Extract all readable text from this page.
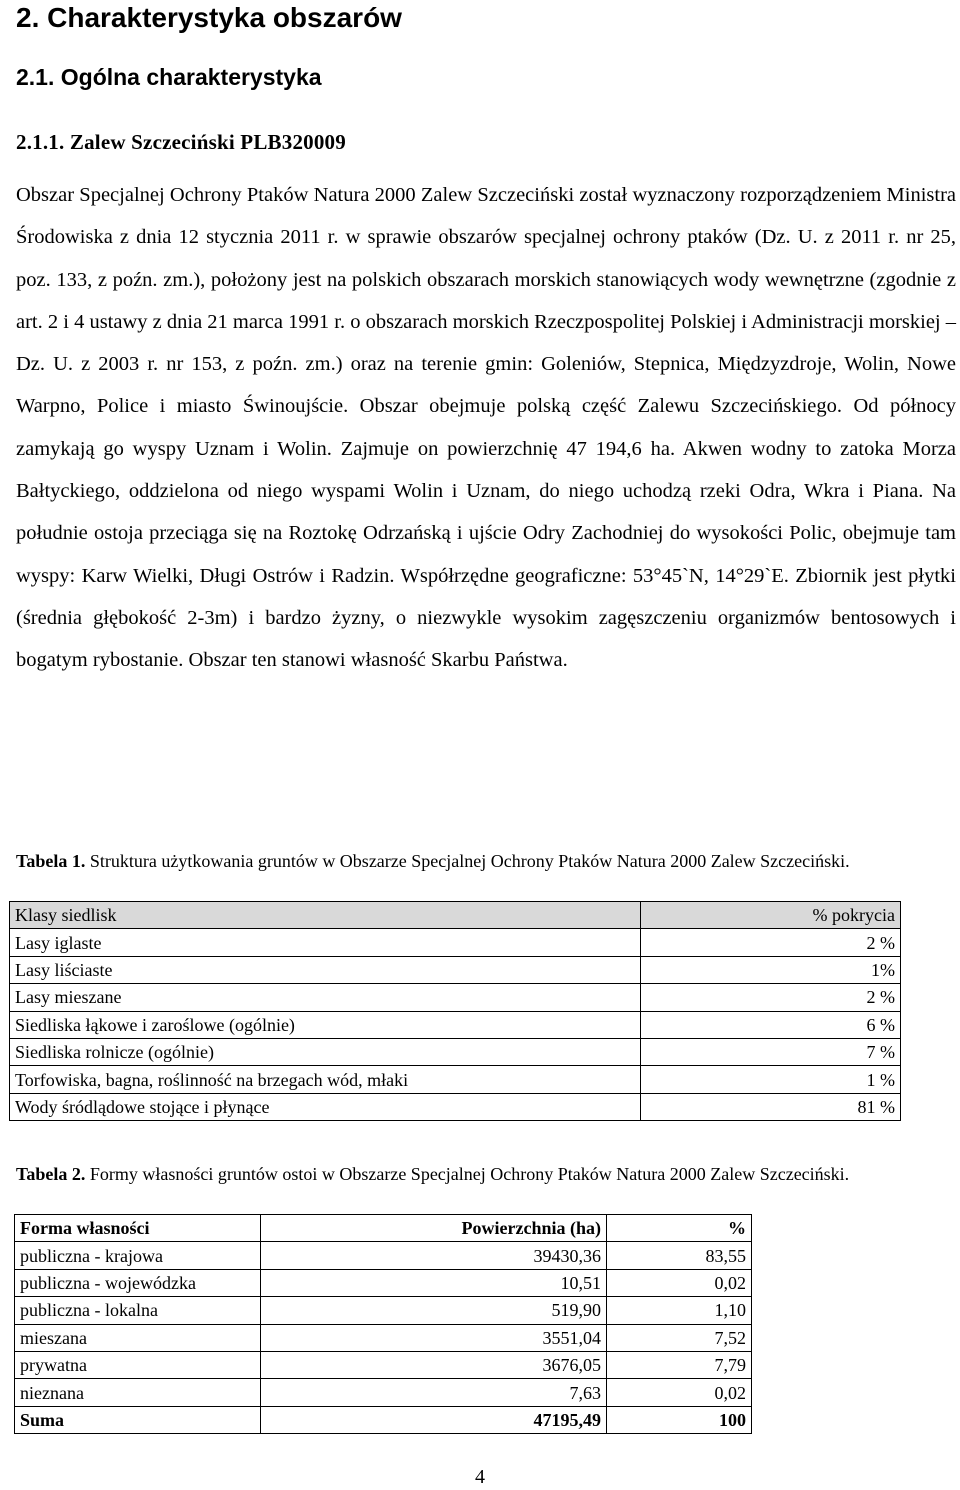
2. Charakterystyka obszarów
2.1. Ogólna charakterystyka
2.1.1. Zalew Szczeciński PLB320009

Obszar Specjalnej Ochrony Ptaków Natura 2000 Zalew Szczeciński został wyznaczony rozporządzeniem Ministra Środowiska z dnia 12 stycznia 2011 r. w sprawie obszarów specjalnej ochrony ptaków (Dz. U. z 2011 r. nr 25, poz. 133, z poźn. zm.), położony jest na polskich obszarach morskich stanowiących wody wewnętrzne (zgodnie z art. 2 i 4 ustawy z dnia 21 marca 1991 r. o obszarach morskich Rzeczpospolitej Polskiej i Administracji morskiej – Dz. U. z 2003 r. nr 153, z poźn. zm.) oraz na terenie gmin: Goleniów, Stepnica, Międzyzdroje, Wolin, Nowe Warpno, Police i miasto Świnoujście. Obszar obejmuje polską część Zalewu Szczecińskiego. Od północy zamykają go wyspy Uznam i Wolin. Zajmuje on powierzchnię 47 194,6 ha. Akwen wodny to zatoka Morza Bałtyckiego, oddzielona od niego wyspami Wolin i Uznam, do niego uchodzą rzeki Odra, Wkra i Piana. Na południe ostoja przeciąga się na Roztokę Odrzańską i ujście Odry Zachodniej do wysokości Polic, obejmuje tam wyspy: Karw Wielki, Długi Ostrów i Radzin. Współrzędne geograficzne: 53°45`N, 14°29`E. Zbiornik jest płytki (średnia głębokość 2-3m) i bardzo żyzny, o niezwykle wysokim zagęszczeniu organizmów bentosowych i bogatym rybostanie. Obszar ten stanowi własność Skarbu Państwa.

Tabela 1. Struktura użytkowania gruntów w Obszarze Specjalnej Ochrony Ptaków Natura 2000 Zalew Szczeciński.

Klasy siedlisk	% pokrycia
Lasy iglaste	2 %
Lasy liściaste	1%
Lasy mieszane	2 %
Siedliska łąkowe i zaroślowe (ogólnie)	6 %
Siedliska rolnicze (ogólnie)	7 %
Torfowiska, bagna, roślinność na brzegach wód, młaki	1 %
Wody śródlądowe stojące i płynące	81 %

Tabela 2. Formy własności gruntów ostoi w Obszarze Specjalnej Ochrony Ptaków Natura 2000 Zalew Szczeciński.

Forma własności	Powierzchnia (ha)	%
publiczna - krajowa	39430,36	83,55
publiczna - wojewódzka	10,51	0,02
publiczna - lokalna	519,90	1,10
mieszana	3551,04	7,52
prywatna	3676,05	7,79
nieznana	7,63	0,02
Suma	47195,49	100

4
